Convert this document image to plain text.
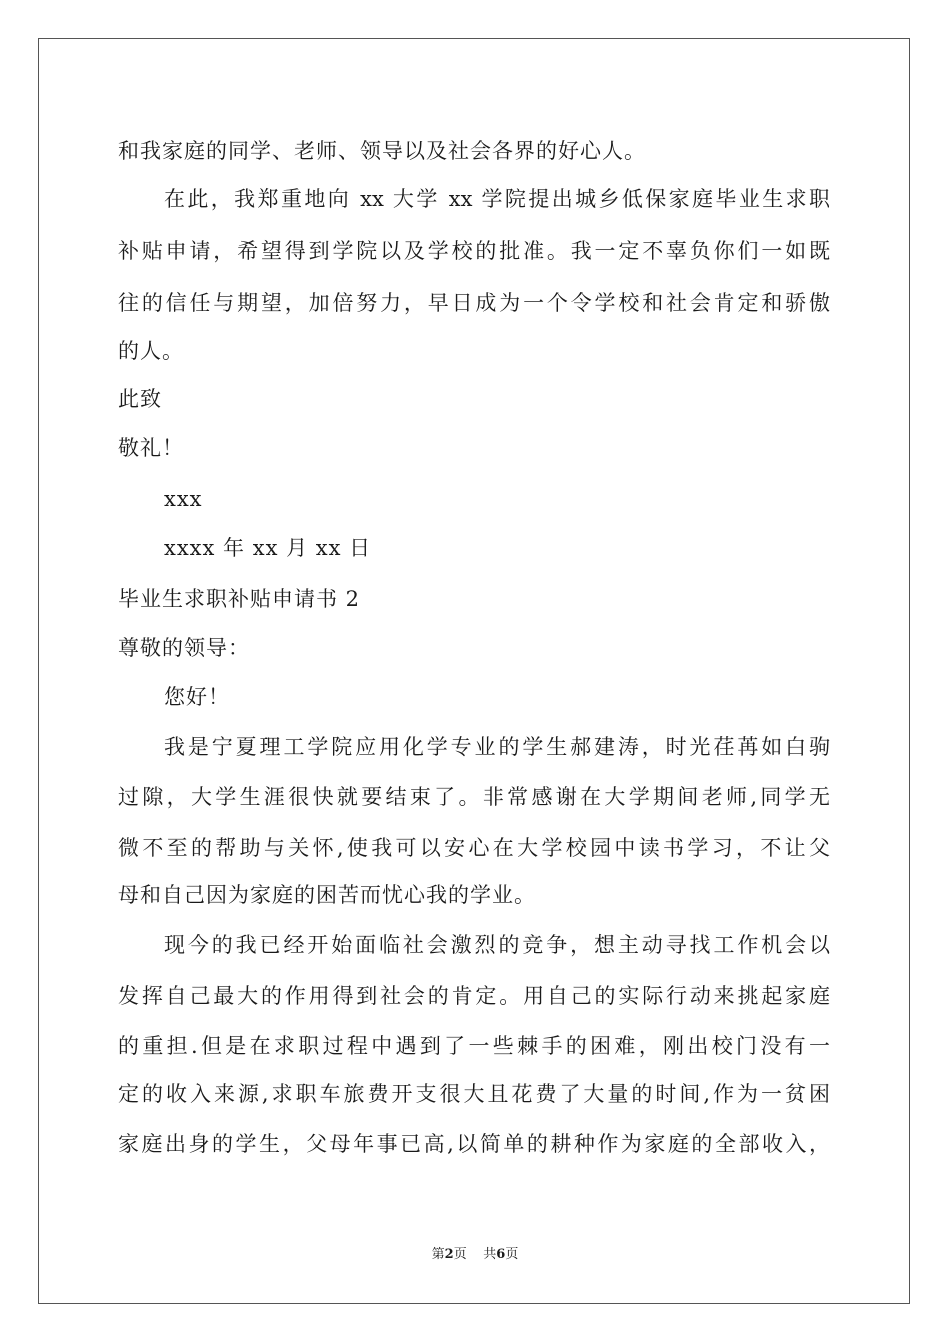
和我家庭的同学、老师、领导以及社会各界的好心人。
在此，我郑重地向 xx 大学 xx 学院提出城乡低保家庭毕业生求职
补贴申请，希望得到学院以及学校的批准。我一定不辜负你们一如既
往的信任与期望，加倍努力，早日成为一个令学校和社会肯定和骄傲
的人。
此致
敬礼！
xxx
xxxx 年 xx 月 xx 日
毕业生求职补贴申请书 2
尊敬的领导：
您好！
我是宁夏理工学院应用化学专业的学生郝建涛，时光荏苒如白驹
过隙，大学生涯很快就要结束了。非常感谢在大学期间老师,同学无
微不至的帮助与关怀,使我可以安心在大学校园中读书学习，不让父
母和自己因为家庭的困苦而忧心我的学业。
现今的我已经开始面临社会激烈的竞争，想主动寻找工作机会以
发挥自己最大的作用得到社会的肯定。用自己的实际行动来挑起家庭
的重担.但是在求职过程中遇到了一些棘手的困难，刚出校门没有一
定的收入来源,求职车旅费开支很大且花费了大量的时间,作为一贫困
家庭出身的学生，父母年事已高,以简单的耕种作为家庭的全部收入，
第2页 共6页
